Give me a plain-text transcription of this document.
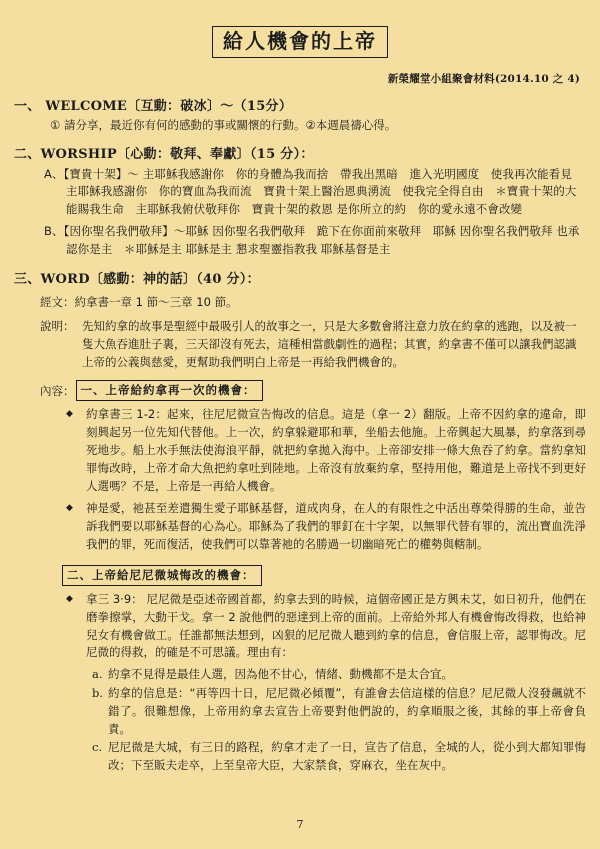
給人機會的上帝
新榮耀堂小組聚會材料(2014.10 之 4)
一、 WELCOME〔互動：破冰〕～（15分）
① 請分享，最近你有何的感動的事或關懷的行動。②本週晨禱心得。
二、WORSHIP〔心動：敬拜、奉獻〕（15 分）：
A、【寶貴十架】～ 主耶穌我感謝你　你的身體為我而捨　帶我出黑暗　進入光明國度　使我再次能看見　主耶穌我感謝你　你的寶血為我而流　寶貴十架上醫治恩典湧流　使我完全得自由　＊寶貴十架的大能賜我生命　主耶穌我俯伏敬拜你　寶貴十架的救恩 是你所立的約　你的愛永遠不會改變
B、【因你聖名我們敬拜】～耶穌 因你聖名我們敬拜　跪下在你面前來敬拜　耶穌 因你聖名我們敬拜 也承認你是主　＊耶穌是主 耶穌是主 懇求聖靈指教我 耶穌基督是主
三、WORD〔感動：神的話〕（40 分）：
經文：約拿書一章 1 節～三章 10 節。
說明： 先知約拿的故事是聖經中最吸引人的故事之一，只是大多數會將注意力放在約拿的逃跑，以及被一隻大魚吞進肚子裏，三天卻沒有死去，這種相當戲劇性的過程；其實，約拿書不僅可以讓我們認識上帝的公義與慈愛，更幫助我們明白上帝是一再給我們機會的。
內容： 一、上帝給約拿再一次的機會：
◆	約拿書三 1-2：起來，往尼尼微宣告悔改的信息。這是（拿一 2）翻版。上帝不因約拿的違命，即刻興起另一位先知代替他。上一次，約拿躲避耶和華，坐船去他施。上帝興起大風暴，約拿落到尋死地步。船上水手無法使海浪平靜，就把約拿拋入海中。上帝卻安排一條大魚吞了約拿。當約拿知罪悔改時，上帝才命大魚把約拿吐到陸地。上帝沒有放棄約拿，堅持用他，難道是上帝找不到更好人選嗎？不是，上帝是一再給人機會。
◆	神是愛，祂甚至差遣獨生愛子耶穌基督，道成肉身，在人的有限性之中活出尊榮得勝的生命，並告訴我們要以耶穌基督的心為心。耶穌為了我們的罪釘在十字架，以無罪代替有罪的，流出寶血洗淨我們的罪，死而復活，使我們可以靠著祂的名勝過一切幽暗死亡的權勢與轄制。
二、上帝給尼尼微城悔改的機會：
◆	拿三 3‧9： 尼尼微是亞述帝國首都，約拿去到的時候，這個帝國正是方興未艾，如日初升，他們在磨拳擦掌，大動干戈。拿一 2 說他們的惡達到上帝的面前。上帝給外邦人有機會悔改得救，也給神兒女有機會做工。任誰都無法想到，凶狠的尼尼微人聽到約拿的信息，會信服上帝，認罪悔改。尼尼微的得救，的確是不可思議。理由有：
a. 約拿不見得是最佳人選，因為他不甘心，情緒、動機都不是太合宜。
b. 約拿的信息是：“再等四十日，尼尼微必傾覆”，有誰會去信這樣的信息？尼尼微人沒發飆就不錯了。很難想像，上帝用約拿去宣告上帝要對他們說的，約拿順服之後，其餘的事上帝會負責。
c. 尼尼微是大城，有三日的路程，約拿才走了一日，宣告了信息，全城的人，從小到大都知罪悔改；下至販夫走卒，上至皇帝大臣，大家禁食，穿麻衣，坐在灰中。
7
